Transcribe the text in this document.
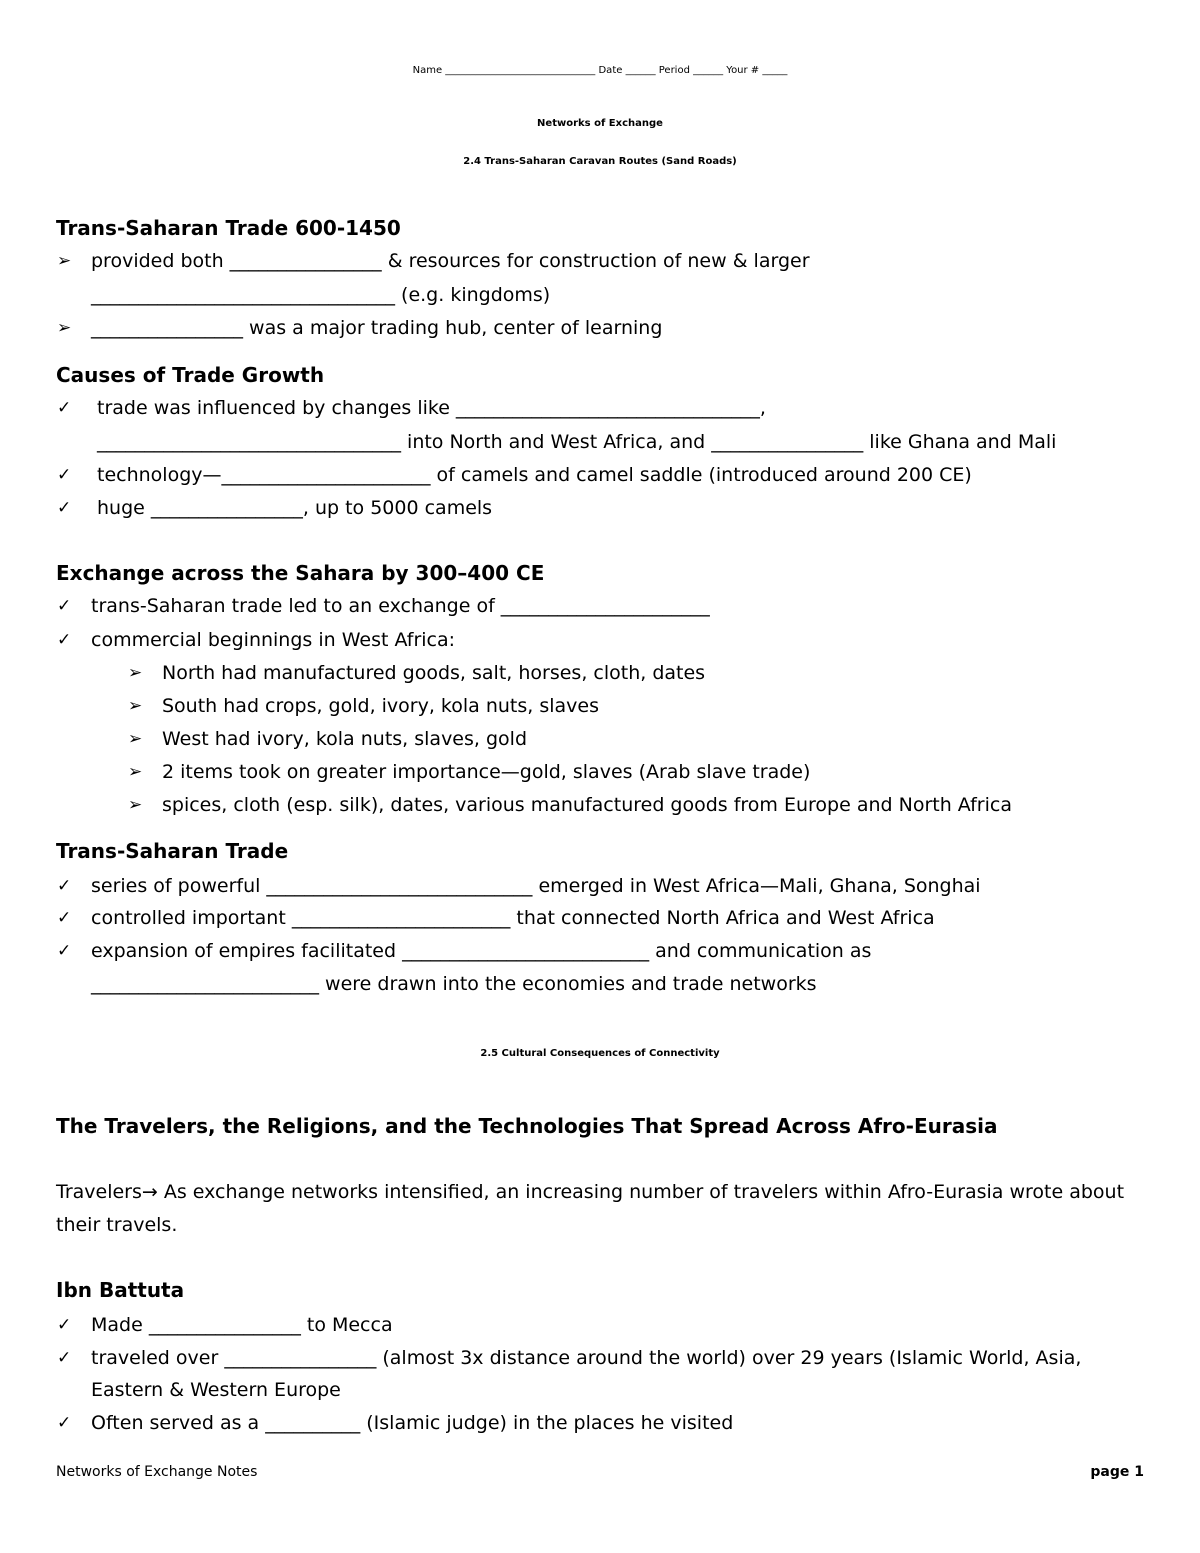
Name ______________________________ Date ______ Period ______ Your # _____
Networks of Exchange
2.4 Trans-Saharan Caravan Routes (Sand Roads)
Trans-Saharan Trade 600-1450
➢ provided both ________________ & resources for construction of new & larger
________________________________ (e.g. kingdoms)
➢ ________________ was a major trading hub, center of learning
Causes of Trade Growth
✓ trade was influenced by changes like ________________________________,
________________________________ into North and West Africa, and ________________ like Ghana and Mali
✓ technology—______________________ of camels and camel saddle (introduced around 200 CE)
✓ huge ________________, up to 5000 camels
Exchange across the Sahara by 300–400 CE
✓ trans-Saharan trade led to an exchange of ______________________
✓ commercial beginnings in West Africa:
➢ North had manufactured goods, salt, horses, cloth, dates
➢ South had crops, gold, ivory, kola nuts, slaves
➢ West had ivory, kola nuts, slaves, gold
➢ 2 items took on greater importance—gold, slaves (Arab slave trade)
➢ spices, cloth (esp. silk), dates, various manufactured goods from Europe and North Africa
Trans-Saharan Trade
✓ series of powerful ____________________________ emerged in West Africa—Mali, Ghana, Songhai
✓ controlled important _______________________ that connected North Africa and West Africa
✓ expansion of empires facilitated __________________________ and communication as
________________________ were drawn into the economies and trade networks
2.5 Cultural Consequences of Connectivity
The Travelers, the Religions, and the Technologies That Spread Across Afro-Eurasia
Travelers→ As exchange networks intensified, an increasing number of travelers within Afro-Eurasia wrote about
their travels.
Ibn Battuta
✓ Made ________________ to Mecca
✓ traveled over ________________ (almost 3x distance around the world) over 29 years (Islamic World, Asia,
Eastern & Western Europe
✓ Often served as a __________ (Islamic judge) in the places he visited
Networks of Exchange Notes	page 1
